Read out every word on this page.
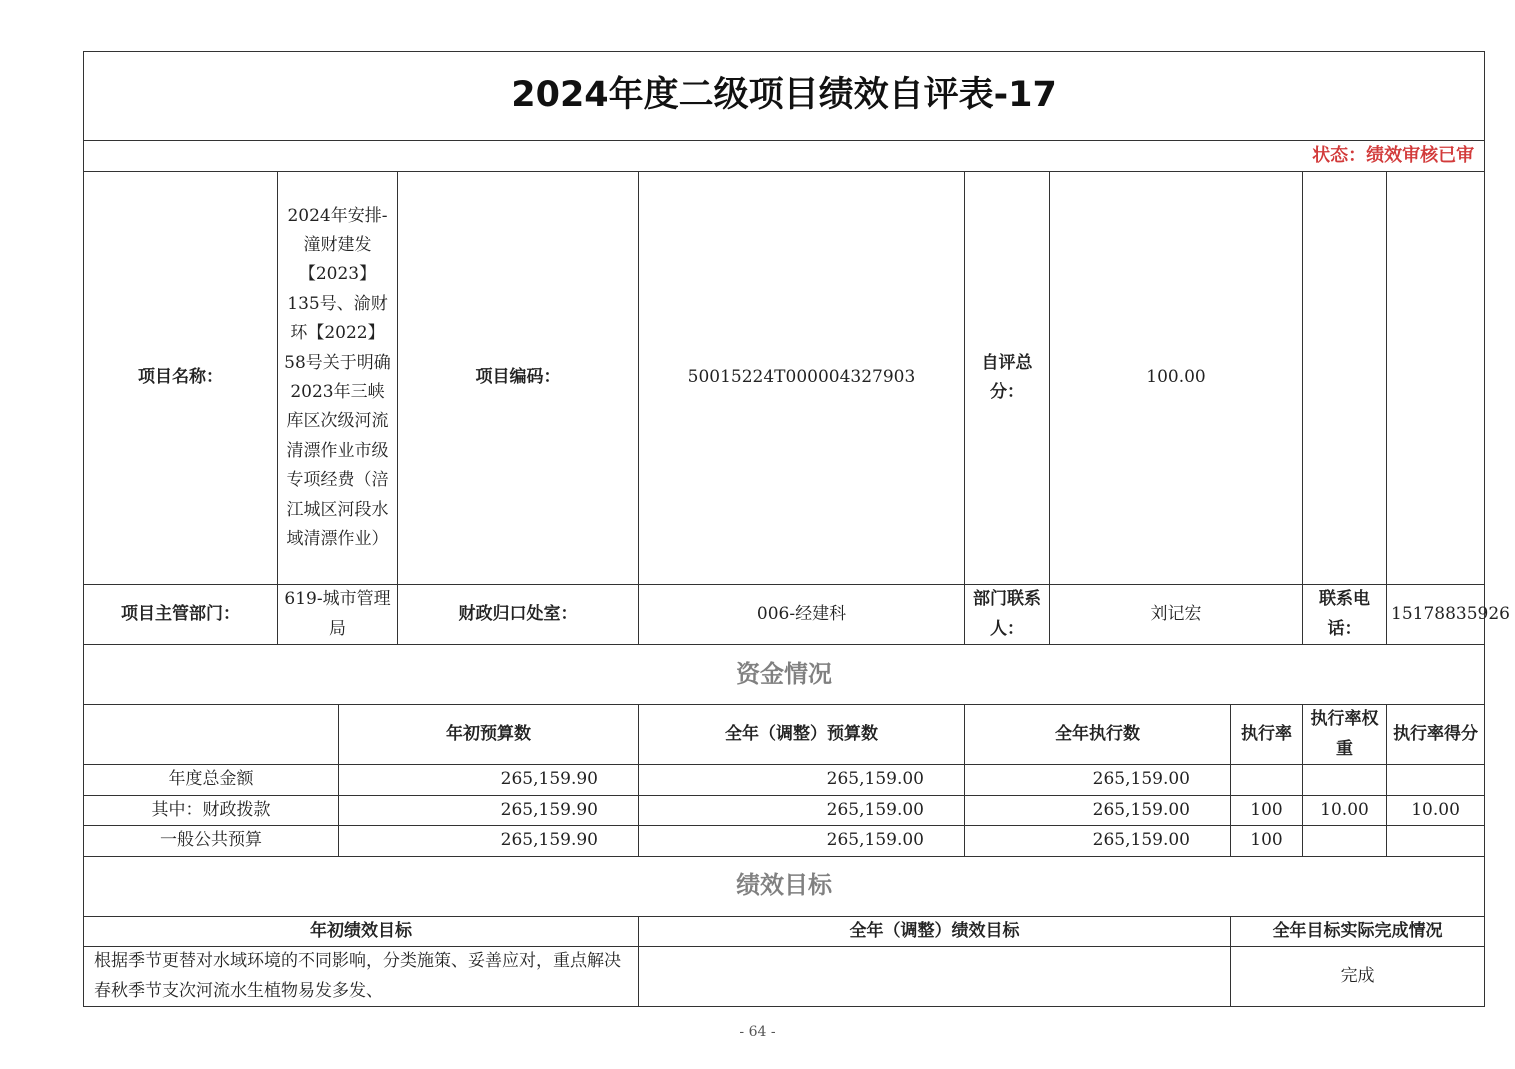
2024年度二级项目绩效自评表-17									
状态：绩效审核已审									
项目名称：	2024年安排-潼财建发【2023】135号、渝财环【2022】58号关于明确2023年三峡库区次级河流清漂作业市级专项经费（涪江城区河段水域清漂作业）		项目编码：	50015224T000004327903	自评总分：	100.00			
项目主管部门：	619-城市管理局		财政归口处室：	006-经建科	部门联系人：	刘记宏		联系电话：	15178835926
资金情况									
		年初预算数		全年（调整）预算数	全年执行数		执行率	执行率权重	执行率得分
年度总金额		265,159.90		265,159.00	265,159.00				
其中：财政拨款		265,159.90		265,159.00	265,159.00		100	10.00	10.00
一般公共预算		265,159.90		265,159.00	265,159.00		100		
绩效目标									
年初绩效目标				全年（调整）绩效目标			全年目标实际完成情况		
根据季节更替对水域环境的不同影响，分类施策、妥善应对，重点解决春秋季节支次河流水生植物易发多发、							完成		
- 64 -
